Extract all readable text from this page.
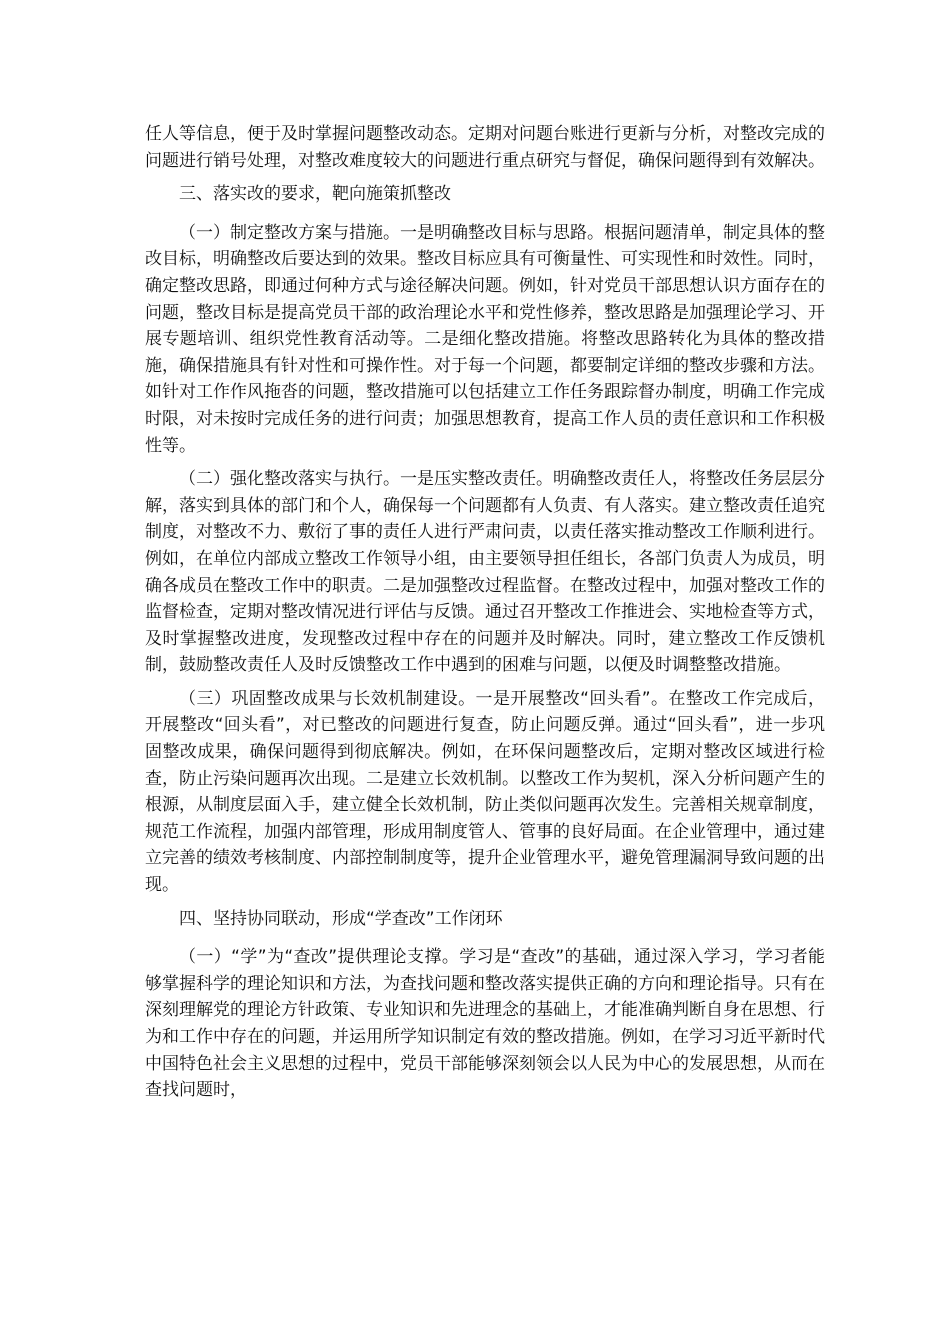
任人等信息，便于及时掌握问题整改动态。定期对问题台账进行更新与分析，对整改完成的问题进行销号处理，对整改难度较大的问题进行重点研究与督促，确保问题得到有效解决。

三、落实改的要求，靶向施策抓整改

（一）制定整改方案与措施。一是明确整改目标与思路。根据问题清单，制定具体的整改目标，明确整改后要达到的效果。整改目标应具有可衡量性、可实现性和时效性。同时，确定整改思路，即通过何种方式与途径解决问题。例如，针对党员干部思想认识方面存在的问题，整改目标是提高党员干部的政治理论水平和党性修养，整改思路是加强理论学习、开展专题培训、组织党性教育活动等。二是细化整改措施。将整改思路转化为具体的整改措施，确保措施具有针对性和可操作性。对于每一个问题，都要制定详细的整改步骤和方法。如针对工作作风拖沓的问题，整改措施可以包括建立工作任务跟踪督办制度，明确工作完成时限，对未按时完成任务的进行问责；加强思想教育，提高工作人员的责任意识和工作积极性等。

（二）强化整改落实与执行。一是压实整改责任。明确整改责任人，将整改任务层层分解，落实到具体的部门和个人，确保每一个问题都有人负责、有人落实。建立整改责任追究制度，对整改不力、敷衍了事的责任人进行严肃问责，以责任落实推动整改工作顺利进行。例如，在单位内部成立整改工作领导小组，由主要领导担任组长，各部门负责人为成员，明确各成员在整改工作中的职责。二是加强整改过程监督。在整改过程中，加强对整改工作的监督检查，定期对整改情况进行评估与反馈。通过召开整改工作推进会、实地检查等方式，及时掌握整改进度，发现整改过程中存在的问题并及时解决。同时，建立整改工作反馈机制，鼓励整改责任人及时反馈整改工作中遇到的困难与问题，以便及时调整整改措施。

（三）巩固整改成果与长效机制建设。一是开展整改“回头看”。在整改工作完成后，开展整改“回头看”，对已整改的问题进行复查，防止问题反弹。通过“回头看”，进一步巩固整改成果，确保问题得到彻底解决。例如，在环保问题整改后，定期对整改区域进行检查，防止污染问题再次出现。二是建立长效机制。以整改工作为契机，深入分析问题产生的根源，从制度层面入手，建立健全长效机制，防止类似问题再次发生。完善相关规章制度，规范工作流程，加强内部管理，形成用制度管人、管事的良好局面。在企业管理中，通过建立完善的绩效考核制度、内部控制制度等，提升企业管理水平，避免管理漏洞导致问题的出现。

四、坚持协同联动，形成“学查改”工作闭环

（一）“学”为“查改”提供理论支撑。学习是“查改”的基础，通过深入学习，学习者能够掌握科学的理论知识和方法，为查找问题和整改落实提供正确的方向和理论指导。只有在深刻理解党的理论方针政策、专业知识和先进理念的基础上，才能准确判断自身在思想、行为和工作中存在的问题，并运用所学知识制定有效的整改措施。例如，在学习习近平新时代中国特色社会主义思想的过程中，党员干部能够深刻领会以人民为中心的发展思想，从而在查找问题时，
